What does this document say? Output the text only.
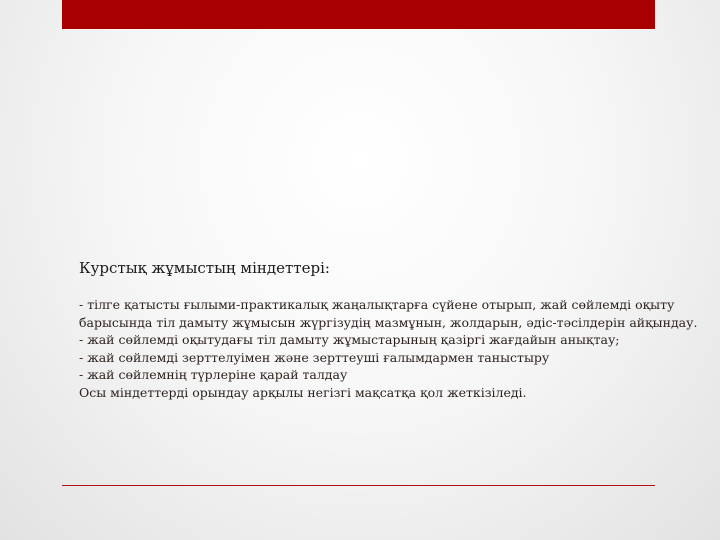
Курстық жұмыстың міндеттері:
- тілге қатысты ғылыми-практикалық жаңалықтарға сүйене отырып, жай сөйлемді оқыту
барысында тіл дамыту жұмысын жүргізудің мазмұнын, жолдарын, әдіс-тәсілдерін айқындау.
- жай сөйлемді оқытудағы тіл дамыту жұмыстарының қазіргі жағдайын анықтау;
- жай сөйлемді зерттелуімен және зерттеуші ғалымдармен таныстыру
- жай сөйлемнің түрлеріне қарай талдау
Осы міндеттерді орындау арқылы негізгі мақсатқа қол жеткізіледі.
